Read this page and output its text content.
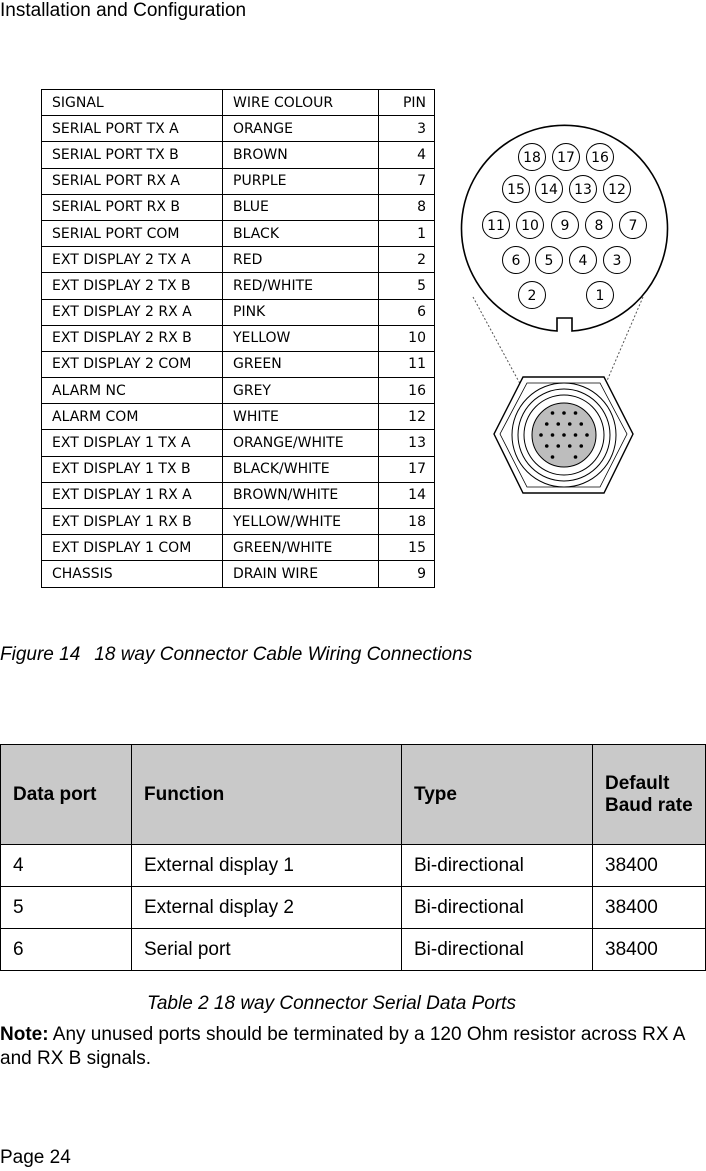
Installation and Configuration
SIGNAL	WIRE COLOUR	PIN
SERIAL PORT TX A	ORANGE	3
SERIAL PORT TX B	BROWN	4
SERIAL PORT RX A	PURPLE	7
SERIAL PORT RX B	BLUE	8
SERIAL PORT COM	BLACK	1
EXT DISPLAY 2 TX A	RED	2
EXT DISPLAY 2 TX B	RED/WHITE	5
EXT DISPLAY 2 RX A	PINK	6
EXT DISPLAY 2 RX B	YELLOW	10
EXT DISPLAY 2 COM	GREEN	11
ALARM NC	GREY	16
ALARM COM	WHITE	12
EXT DISPLAY 1 TX A	ORANGE/WHITE	13
EXT DISPLAY 1 TX B	BLACK/WHITE	17
EXT DISPLAY 1 RX A	BROWN/WHITE	14
EXT DISPLAY 1 RX B	YELLOW/WHITE	18
EXT DISPLAY 1 COM	GREEN/WHITE	15
CHASSIS	DRAIN WIRE	9
18 17 16
15 14 13 12
11 10 9 8 7
6 5 4 3
2	1
Figure 14 18 way Connector Cable Wiring Connections
Data port	Function	Type	Default Baud rate
4	External display 1	Bi-directional	38400
5	External display 2	Bi-directional	38400
6	Serial port	Bi-directional	38400
Table 2 18 way Connector Serial Data Ports
Note: Any unused ports should be terminated by a 120 Ohm resistor across RX A and RX B signals.
Page 24
